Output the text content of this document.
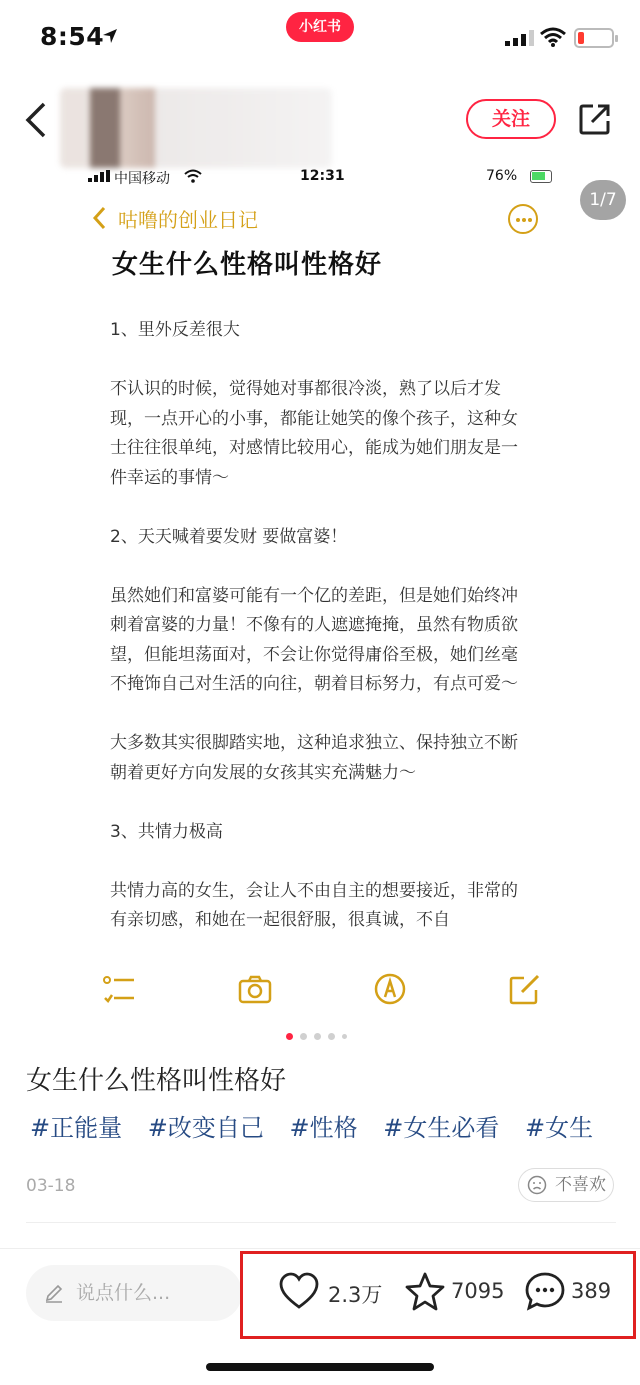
8:54	小红书
关注
中国移动	12:31	76%
1/7
咕噜的创业日记
女生什么性格叫性格好

1、里外反差很大

不认识的时候，觉得她对事都很冷淡，熟了以后才发现，一点开心的小事，都能让她笑的像个孩子，这种女士往往很单纯，对感情比较用心，能成为她们朋友是一件幸运的事情～

2、天天喊着要发财 要做富婆！

虽然她们和富婆可能有一个亿的差距，但是她们始终冲刺着富婆的力量！不像有的人遮遮掩掩，虽然有物质欲望，但能坦荡面对，不会让你觉得庸俗至极，她们丝毫不掩饰自己对生活的向往，朝着目标努力，有点可爱～

大多数其实很脚踏实地，这种追求独立、保持独立不断朝着更好方向发展的女孩其实充满魅力～

3、共情力极高

共情力高的女生，会让人不由自主的想要接近，非常的有亲切感，和她在一起很舒服，很真诚，不自

女生什么性格叫性格好
#正能量 #改变自己 #性格 #女生必看 #女生
03-18	不喜欢
说点什么...	2.3万	7095	389
